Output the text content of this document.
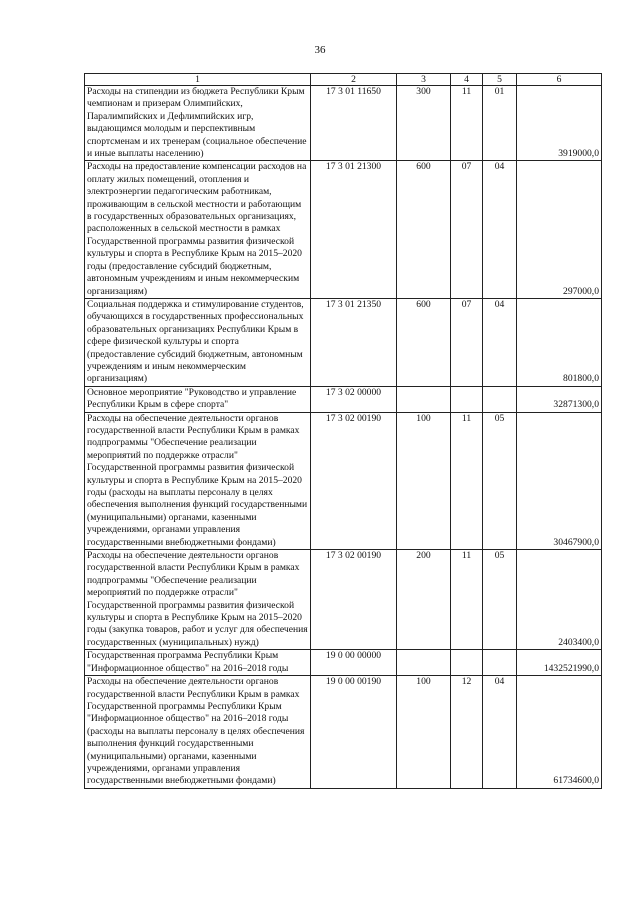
36
1	2	3	4	5	6
Расходы на стипендии из бюджета Республики Крым чемпионам и призерам Олимпийских, Паралимпийских и Дефлимпийских игр, выдающимся молодым и перспективным спортсменам и их тренерам (социальное обеспечение и иные выплаты населению)	17 3 01 11650	300	11	01	3919000,0
Расходы на предоставление компенсации расходов на оплату жилых помещений, отопления и электроэнергии педагогическим работникам, проживающим в сельской местности и работающим в государственных образовательных организациях, расположенных в сельской местности в рамках Государственной программы развития физической культуры и спорта в Республике Крым на 2015–2020 годы (предоставление субсидий бюджетным, автономным учреждениям и иным некоммерческим организациям)	17 3 01 21300	600	07	04	297000,0
Социальная поддержка и стимулирование студентов, обучающихся в государственных профессиональных образовательных организациях Республики Крым в сфере физической культуры и спорта (предоставление субсидий бюджетным, автономным учреждениям и иным некоммерческим организациям)	17 3 01 21350	600	07	04	801800,0
Основное мероприятие "Руководство и управление Республики Крым в сфере спорта"	17 3 02 00000				32871300,0
Расходы на обеспечение деятельности органов государственной власти Республики Крым в рамках подпрограммы "Обеспечение реализации мероприятий по поддержке отрасли" Государственной программы развития физической культуры и спорта в Республике Крым на 2015–2020 годы (расходы на выплаты персоналу в целях обеспечения выполнения функций государственными (муниципальными) органами, казенными учреждениями, органами управления государственными внебюджетными фондами)	17 3 02 00190	100	11	05	30467900,0
Расходы на обеспечение деятельности органов государственной власти Республики Крым в рамках подпрограммы "Обеспечение реализации мероприятий по поддержке отрасли" Государственной программы развития физической культуры и спорта в Республике Крым на 2015–2020 годы (закупка товаров, работ и услуг для обеспечения государственных (муниципальных) нужд)	17 3 02 00190	200	11	05	2403400,0
Государственная программа Республики Крым "Информационное общество" на 2016–2018 годы	19 0 00 00000				1432521990,0
Расходы на обеспечение деятельности органов государственной власти Республики Крым в рамках Государственной программы Республики Крым "Информационное общество" на 2016–2018 годы (расходы на выплаты персоналу в целях обеспечения выполнения функций государственными (муниципальными) органами, казенными учреждениями, органами управления государственными внебюджетными фондами)	19 0 00 00190	100	12	04	61734600,0
